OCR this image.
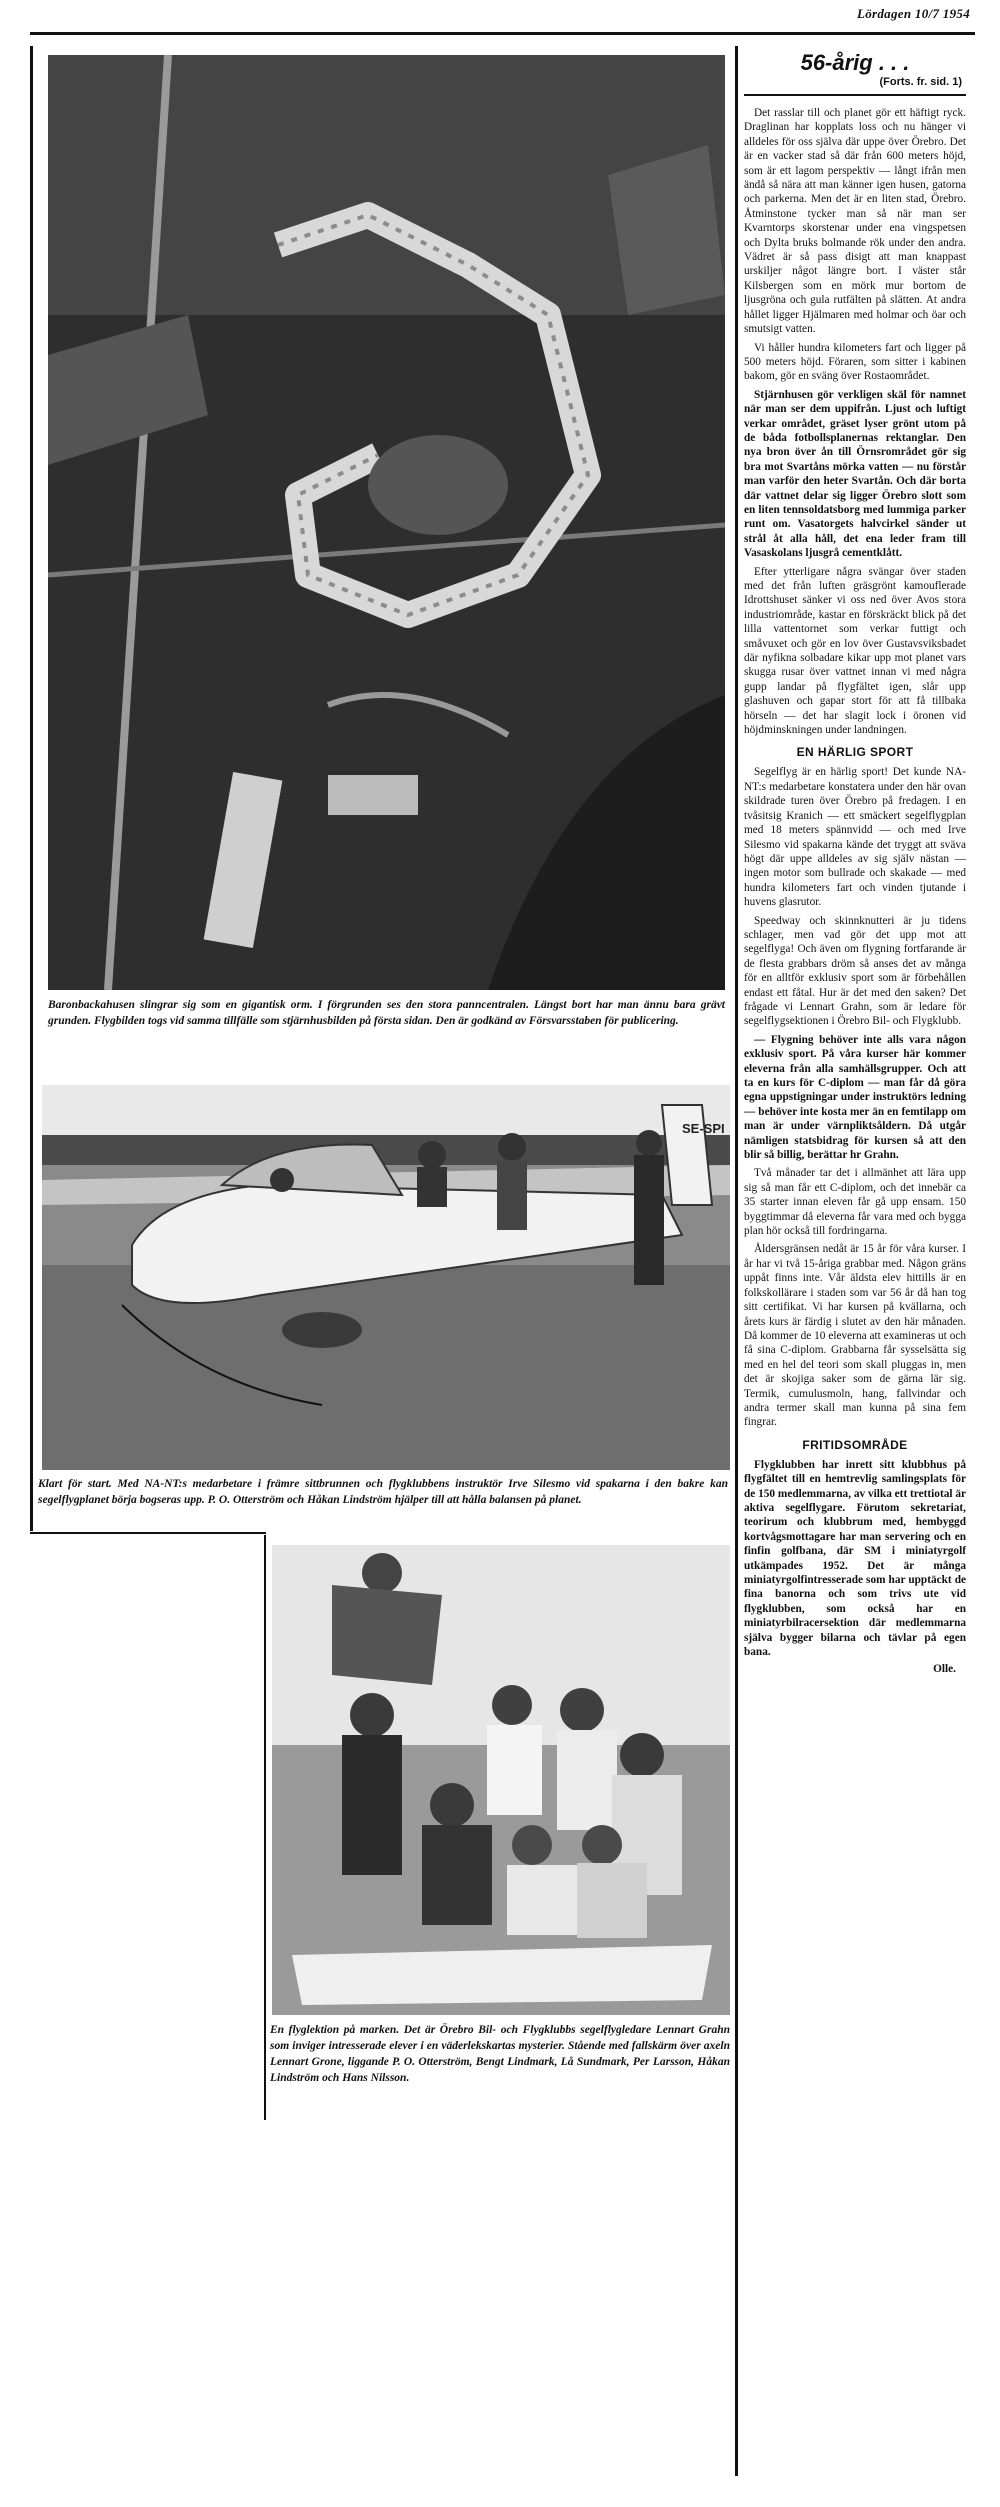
Lördagen 10/7 1954
Baronbackahusen slingrar sig som en gigantisk orm. I förgrunden ses den stora panncentralen. Längst bort har man ännu bara grävt grunden. Flygbilden togs vid samma tillfälle som stjärnhusbilden på första sidan. Den är godkänd av Försvarsstaben för publicering.
SE-SPI
Klart för start. Med NA-NT:s medarbetare i främre sittbrunnen och flygklubbens instruktör Irve Silesmo vid spakarna i den bakre kan segelflygplanet börja bogseras upp. P. O. Otterström och Håkan Lindström hjälper till att hålla balansen på planet.
En flyglektion på marken. Det är Örebro Bil- och Flygklubbs segelflygledare Lennart Grahn som inviger intresserade elever i en väderlekskartas mysterier. Stående med fallskärm över axeln Lennart Grone, liggande P. O. Otterström, Bengt Lindmark, Lå Sundmark, Per Larsson, Håkan Lindström och Hans Nilsson.
56-årig . . .
(Forts. fr. sid. 1)

Det rasslar till och planet gör ett häftigt ryck. Draglinan har kopplats loss och nu hänger vi alldeles för oss själva där uppe över Örebro. Det är en vacker stad så där från 600 meters höjd, som är ett lagom perspektiv — långt ifrån men ändå så nära att man känner igen husen, gatorna och parkerna. Men det är en liten stad, Örebro. Åtminstone tycker man så när man ser Kvarntorps skorstenar under ena vingspetsen och Dylta bruks bolmande rök under den andra. Vädret är så pass disigt att man knappast urskiljer något längre bort. I väster står Kilsbergen som en mörk mur bortom de ljusgröna och gula rutfälten på slätten. At andra hållet ligger Hjälmaren med holmar och öar och smutsigt vatten.

Vi håller hundra kilometers fart och ligger på 500 meters höjd. Föraren, som sitter i kabinen bakom, gör en sväng över Rostaområdet.

Stjärnhusen gör verkligen skäl för namnet när man ser dem uppifrån. Ljust och luftigt verkar området, gräset lyser grönt utom på de båda fotbollsplanernas rektanglar. Den nya bron över ån till Örnsrområdet gör sig bra mot Svartåns mörka vatten — nu förstår man varför den heter Svartån. Och där borta där vattnet delar sig ligger Örebro slott som en liten tennsoldatsborg med lummiga parker runt om. Vasatorgets halvcirkel sänder ut strål åt alla håll, det ena leder fram till Vasaskolans ljusgrå cementklått.

Efter ytterligare några svängar över staden med det från luften gräsgrönt kamouflerade Idrottshuset sänker vi oss ned över Avos stora industriområde, kastar en förskräckt blick på det lilla vattentornet som verkar futtigt och småvuxet och gör en lov över Gustavsviksbadet där nyfikna solbadare kikar upp mot planet vars skugga rusar över vattnet innan vi med några gupp landar på flygfältet igen, slår upp glashuven och gapar stort för att få tillbaka hörseln — det har slagit lock i öronen vid höjdminskningen under landningen.

EN HÄRLIG SPORT

Segelflyg är en härlig sport! Det kunde NA-NT:s medarbetare konstatera under den här ovan skildrade turen över Örebro på fredagen. I en tvåsitsig Kranich — ett smäckert segelflygplan med 18 meters spännvidd — och med Irve Silesmo vid spakarna kände det tryggt att sväva högt där uppe alldeles av sig själv nästan — ingen motor som bullrade och skakade — med hundra kilometers fart och vinden tjutande i huvens glasrutor.

Speedway och skinnknutteri är ju tidens schlager, men vad gör det upp mot att segelflyga! Och även om flygning fortfarande är de flesta grabbars dröm så anses det av många för en alltför exklusiv sport som är förbehållen endast ett fåtal. Hur är det med den saken? Det frågade vi Lennart Grahn, som är ledare för segelflygsektionen i Örebro Bil- och Flygklubb.

— Flygning behöver inte alls vara någon exklusiv sport. På våra kurser här kommer eleverna från alla samhällsgrupper. Och att ta en kurs för C-diplom — man får då göra egna uppstigningar under instruktörs ledning — behöver inte kosta mer än en femtilapp om man är under värnpliktsåldern. Då utgår nämligen statsbidrag för kursen så att den blir så billig, berättar hr Grahn.

Två månader tar det i allmänhet att lära upp sig så man får ett C-diplom, och det innebär ca 35 starter innan eleven får gå upp ensam. 150 byggtimmar då eleverna får vara med och bygga plan hör också till fordringarna.

Åldersgränsen nedåt är 15 år för våra kurser. I år har vi två 15-åriga grabbar med. Någon gräns uppåt finns inte. Vår äldsta elev hittills är en folkskollärare i staden som var 56 år då han tog sitt certifikat. Vi har kursen på kvällarna, och årets kurs är färdig i slutet av den här månaden. Då kommer de 10 eleverna att examineras ut och få sina C-diplom. Grabbarna får sysselsätta sig med en hel del teori som skall pluggas in, men det är skojiga saker som de gärna lär sig. Termik, cumulusmoln, hang, fallvindar och andra termer skall man kunna på sina fem fingrar.

FRITIDSOMRÅDE

Flygklubben har inrett sitt klubbhus på flygfältet till en hemtrevlig samlingsplats för de 150 medlemmarna, av vilka ett trettiotal är aktiva segelflygare. Förutom sekretariat, teorirum och klubbrum med, hembyggd kortvågsmottagare har man servering och en finfin golfbana, där SM i miniatyrgolf utkämpades 1952. Det är många miniatyrgolfintresserade som har upptäckt de fina banorna och som trivs ute vid flygklubben, som också har en miniatyrbilracersektion där medlemmarna själva bygger bilarna och tävlar på egen bana.

Olle.
